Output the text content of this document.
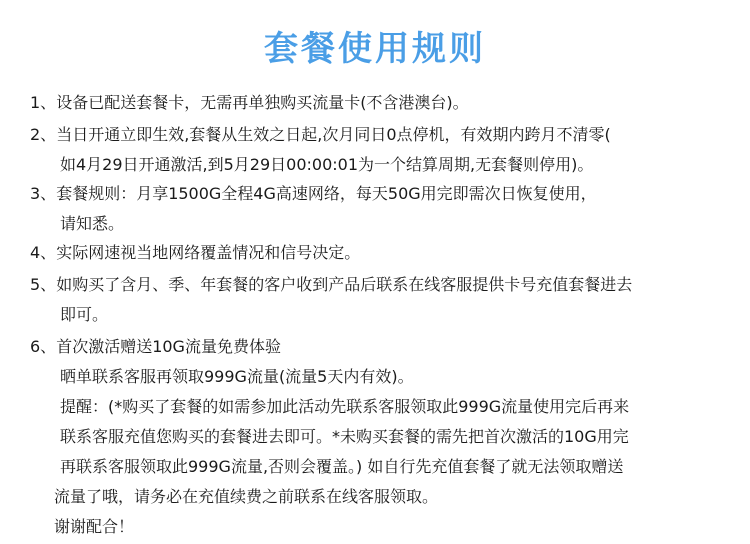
套餐使用规则
1、设备已配送套餐卡，无需再单独购买流量卡(不含港澳台)。
2、当日开通立即生效,套餐从生效之日起,次月同日0点停机，有效期内跨月不清零(
如4月29日开通激活,到5月29日00:00:01为一个结算周期,无套餐则停用)。
3、套餐规则：月享1500G全程4G高速网络，每天50G用完即需次日恢复使用，
请知悉。
4、实际网速视当地网络覆盖情况和信号决定。
5、如购买了含月、季、年套餐的客户收到产品后联系在线客服提供卡号充值套餐进去
即可。
6、首次激活赠送10G流量免费体验
晒单联系客服再领取999G流量(流量5天内有效)。
提醒：(*购买了套餐的如需参加此活动先联系客服领取此999G流量使用完后再来
联系客服充值您购买的套餐进去即可。*未购买套餐的需先把首次激活的10G用完
再联系客服领取此999G流量,否则会覆盖。) 如自行先充值套餐了就无法领取赠送
流量了哦，请务必在充值续费之前联系在线客服领取。
谢谢配合！
